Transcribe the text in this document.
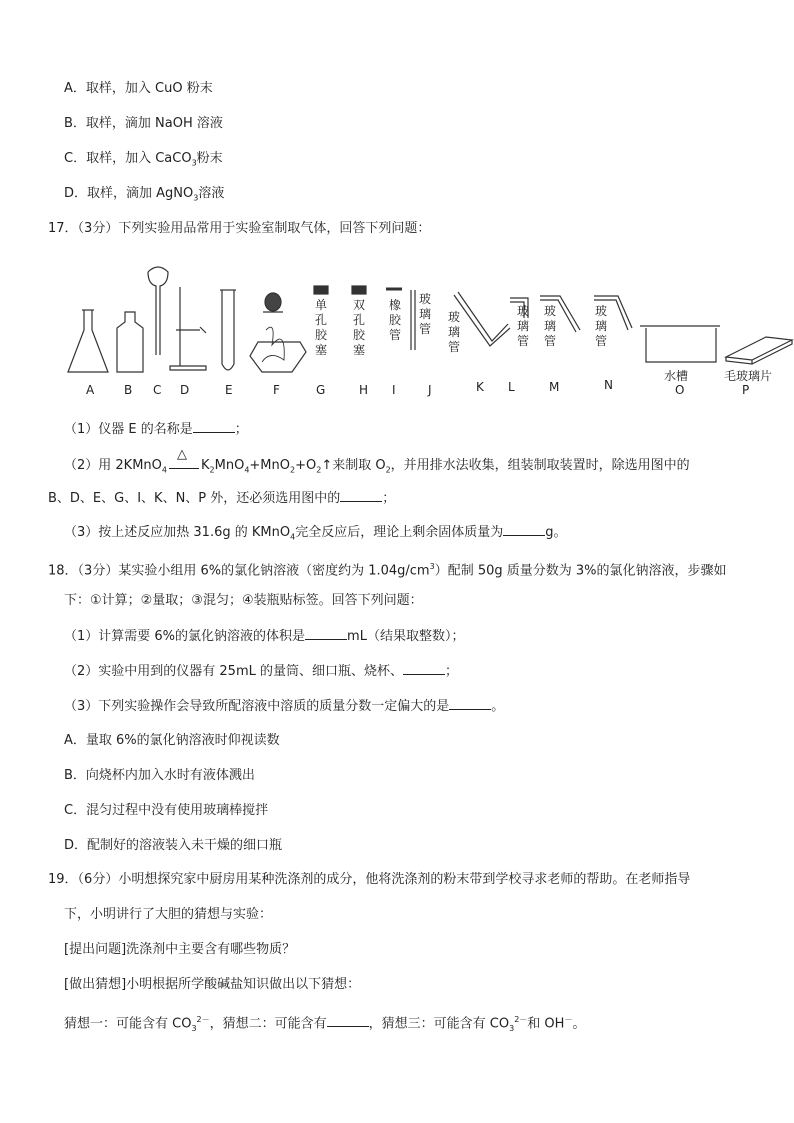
A．取样，加入 CuO 粉末
B．取样，滴加 NaOH 溶液
C．取样，加入 CaCO$_3$粉末
D．取样，滴加 AgNO$_3$溶液
17．（3分）下列实验用品常用于实验室制取气体，回答下列问题：
A B C D	E	F	G	H I	J	K L	M	N	O	P
单孔胶塞
双孔胶塞
橡胶管
玻璃管
玻璃管
玻璃管
玻璃管
玻璃管
水槽	毛玻璃片
（1）仪器 E 的名称是	；
（2）用 2KMnO$_4$
△
$K_2MnO_4+MnO_2+O_2↑$来制取 $O_2$，并用排水法收集，组装制取装置时，除选用图中的
B、D、E、G、I、K、N、P 外，还必须选用图中的	；
（3）按上述反应加热 31.6g 的 KMnO$_4$完全反应后，理论上剩余固体质量为	g。
18．（3分）某实验小组用 6%的氯化钠溶液（密度约为 $1.04g/cm^3$）配制 50g 质量分数为 3%的氯化钠溶液，步骤如
下：①计算；②量取；③混匀；④装瓶贴标签。回答下列问题：
（1）计算需要 6%的氯化钠溶液的体积是	mL（结果取整数）；
（2）实验中用到的仪器有 25mL 的量筒、细口瓶、烧杯、	；
（3）下列实验操作会导致所配溶液中溶质的质量分数一定偏大的是	。
A．量取 6%的氯化钠溶液时仰视读数
B．向烧杯内加入水时有液体溅出
C．混匀过程中没有使用玻璃棒搅拌
D．配制好的溶液装入未干燥的细口瓶
19．（6分）小明想探究家中厨房用某种洗涤剂的成分，他将洗涤剂的粉末带到学校寻求老师的帮助。在老师指导
下，小明讲行了大胆的猜想与实验：
[提出问题]洗涤剂中主要含有哪些物质？
[做出猜想]小明根据所学酸碱盐知识做出以下猜想：
猜想一：可能含有 $CO_3^{2-}$，猜想二：可能含有	，猜想三：可能含有 $CO_3^{2-}$和 OH－。
